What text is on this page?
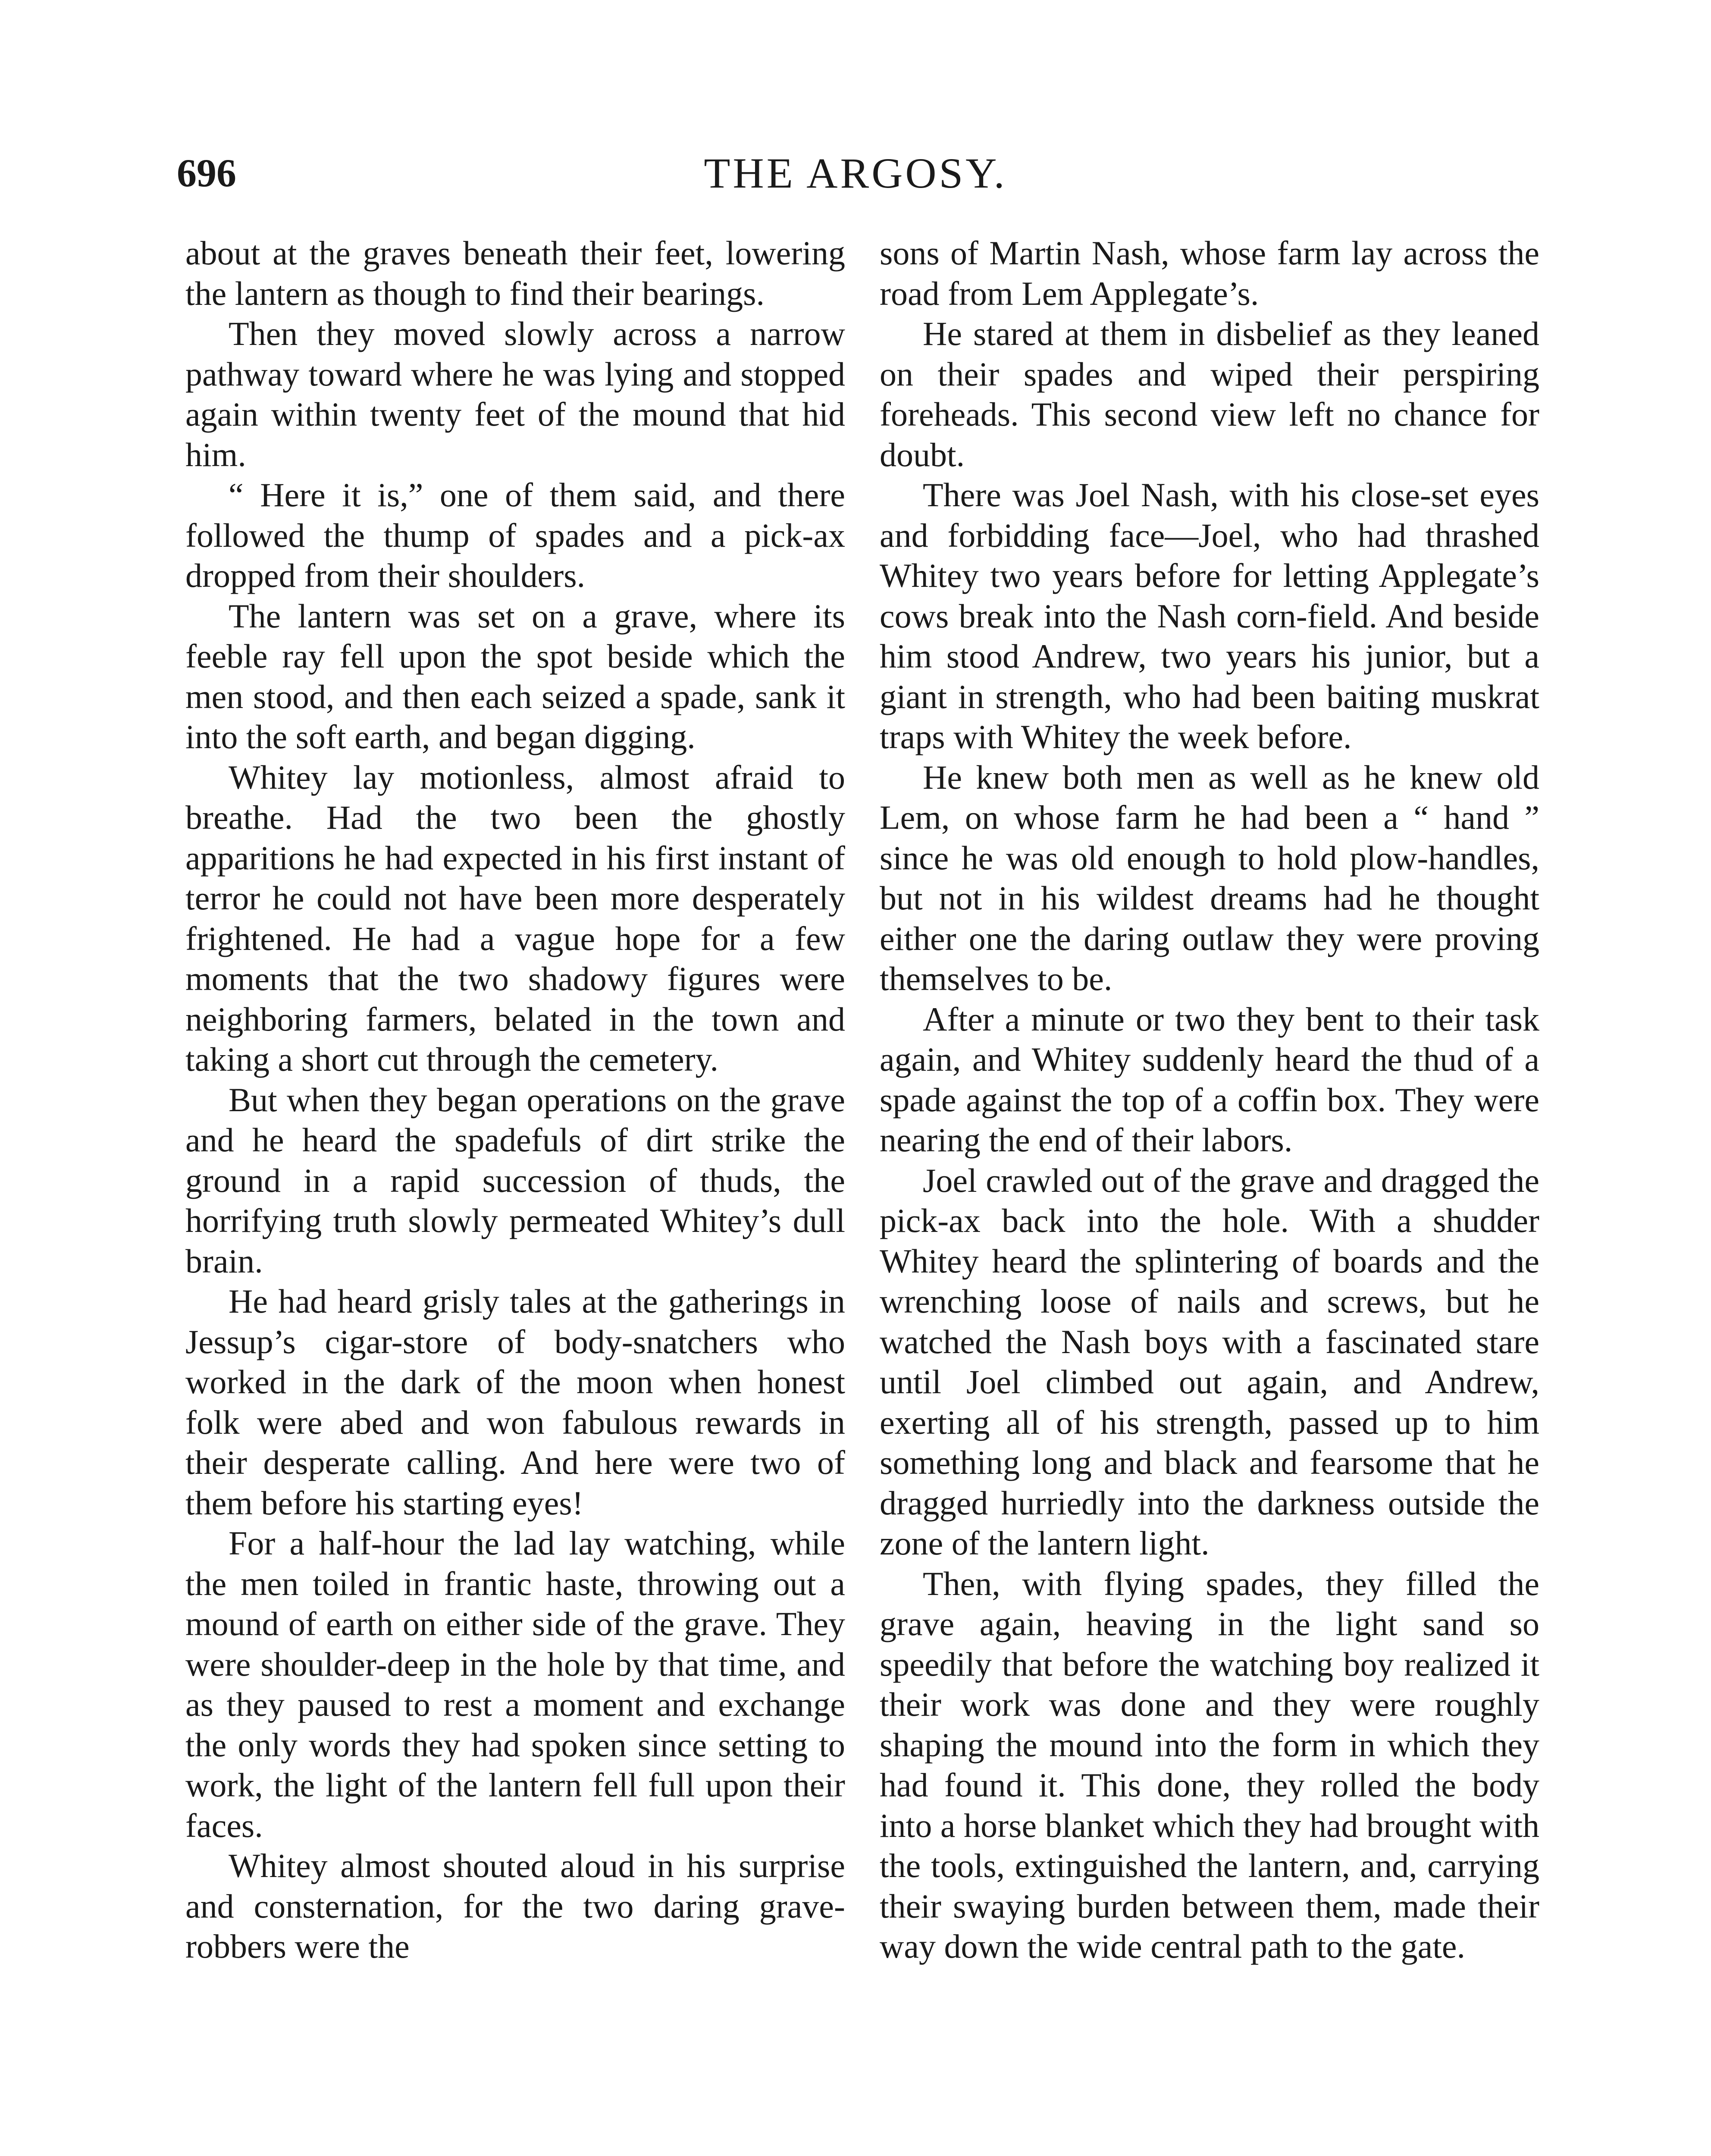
696	THE ARGOSY.

about at the graves beneath their feet, lowering the lantern as though to find their bearings.

Then they moved slowly across a narrow pathway toward where he was lying and stopped again within twenty feet of the mound that hid him.

“ Here it is,” one of them said, and there followed the thump of spades and a pick-ax dropped from their shoulders.

The lantern was set on a grave, where its feeble ray fell upon the spot beside which the men stood, and then each seized a spade, sank it into the soft earth, and began digging.

Whitey lay motionless, almost afraid to breathe. Had the two been the ghostly apparitions he had expected in his first instant of terror he could not have been more desperately frightened. He had a vague hope for a few moments that the two shadowy figures were neighboring farmers, belated in the town and taking a short cut through the cemetery.

But when they began operations on the grave and he heard the spadefuls of dirt strike the ground in a rapid succession of thuds, the horrifying truth slowly permeated Whitey’s dull brain.

He had heard grisly tales at the gatherings in Jessup’s cigar-store of body-snatchers who worked in the dark of the moon when honest folk were abed and won fabulous rewards in their desperate calling. And here were two of them before his starting eyes!

For a half-hour the lad lay watching, while the men toiled in frantic haste, throwing out a mound of earth on either side of the grave. They were shoulder-deep in the hole by that time, and as they paused to rest a moment and exchange the only words they had spoken since setting to work, the light of the lantern fell full upon their faces.

Whitey almost shouted aloud in his surprise and consternation, for the two daring grave-robbers were the

sons of Martin Nash, whose farm lay across the road from Lem Applegate’s.

He stared at them in disbelief as they leaned on their spades and wiped their perspiring foreheads. This second view left no chance for doubt.

There was Joel Nash, with his close-set eyes and forbidding face—Joel, who had thrashed Whitey two years before for letting Applegate’s cows break into the Nash corn-field. And beside him stood Andrew, two years his junior, but a giant in strength, who had been baiting muskrat traps with Whitey the week before.

He knew both men as well as he knew old Lem, on whose farm he had been a “ hand ” since he was old enough to hold plow-handles, but not in his wildest dreams had he thought either one the daring outlaw they were proving themselves to be.

After a minute or two they bent to their task again, and Whitey suddenly heard the thud of a spade against the top of a coffin box. They were nearing the end of their labors.

Joel crawled out of the grave and dragged the pick-ax back into the hole. With a shudder Whitey heard the splintering of boards and the wrenching loose of nails and screws, but he watched the Nash boys with a fascinated stare until Joel climbed out again, and Andrew, exerting all of his strength, passed up to him something long and black and fearsome that he dragged hurriedly into the darkness outside the zone of the lantern light.

Then, with flying spades, they filled the grave again, heaving in the light sand so speedily that before the watching boy realized it their work was done and they were roughly shaping the mound into the form in which they had found it. This done, they rolled the body into a horse blanket which they had brought with the tools, extinguished the lantern, and, carrying their swaying burden between them, made their way down the wide central path to the gate.
